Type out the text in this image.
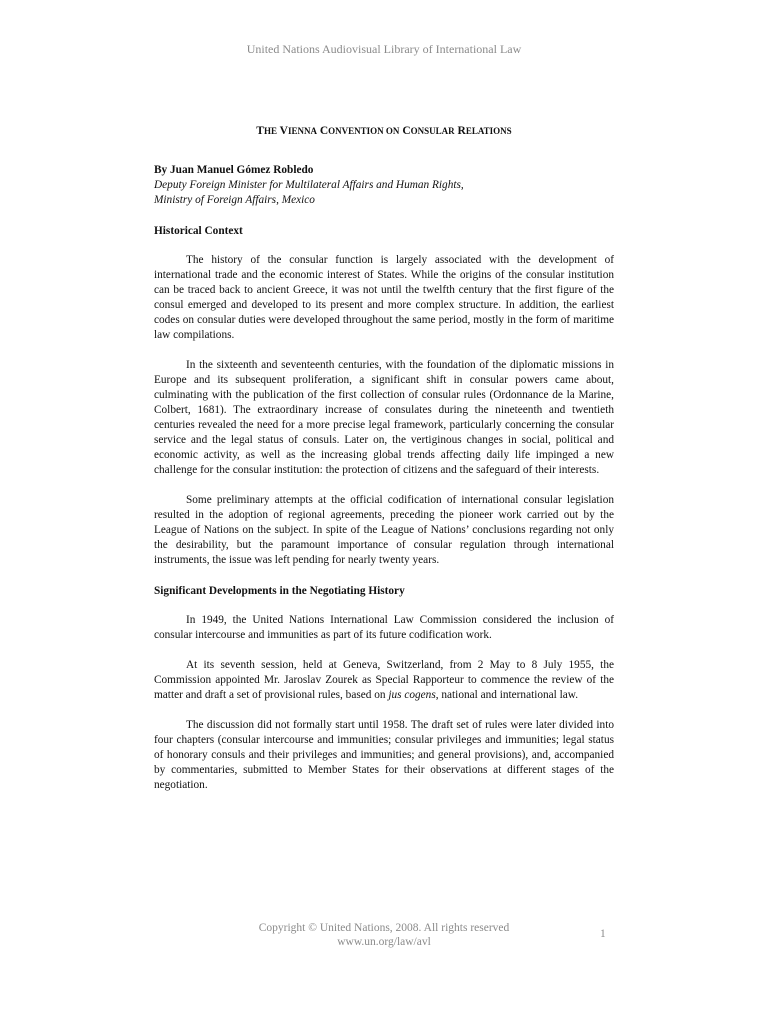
United Nations Audiovisual Library of International Law
THE VIENNA CONVENTION ON CONSULAR RELATIONS

By Juan Manuel Gómez Robledo

Deputy Foreign Minister for Multilateral Affairs and Human Rights,

Ministry of Foreign Affairs, Mexico

Historical Context

The history of the consular function is largely associated with the development of international trade and the economic interest of States. While the origins of the consular institution can be traced back to ancient Greece, it was not until the twelfth century that the first figure of the consul emerged and developed to its present and more complex structure. In addition, the earliest codes on consular duties were developed throughout the same period, mostly in the form of maritime law compilations.

In the sixteenth and seventeenth centuries, with the foundation of the diplomatic missions in Europe and its subsequent proliferation, a significant shift in consular powers came about, culminating with the publication of the first collection of consular rules (Ordonnance de la Marine, Colbert, 1681). The extraordinary increase of consulates during the nineteenth and twentieth centuries revealed the need for a more precise legal framework, particularly concerning the consular service and the legal status of consuls. Later on, the vertiginous changes in social, political and economic activity, as well as the increasing global trends affecting daily life impinged a new challenge for the consular institution: the protection of citizens and the safeguard of their interests.

Some preliminary attempts at the official codification of international consular legislation resulted in the adoption of regional agreements, preceding the pioneer work carried out by the League of Nations on the subject. In spite of the League of Nations’ conclusions regarding not only the desirability, but the paramount importance of consular regulation through international instruments, the issue was left pending for nearly twenty years.

Significant Developments in the Negotiating History

In 1949, the United Nations International Law Commission considered the inclusion of consular intercourse and immunities as part of its future codification work.

At its seventh session, held at Geneva, Switzerland, from 2 May to 8 July 1955, the Commission appointed Mr. Jaroslav Zourek as Special Rapporteur to commence the review of the matter and draft a set of provisional rules, based on jus cogens, national and international law.

The discussion did not formally start until 1958. The draft set of rules were later divided into four chapters (consular intercourse and immunities; consular privileges and immunities; legal status of honorary consuls and their privileges and immunities; and general provisions), and, accompanied by commentaries, submitted to Member States for their observations at different stages of the negotiation.

Copyright © United Nations, 2008. All rights reserved
www.un.org/law/avl
1
